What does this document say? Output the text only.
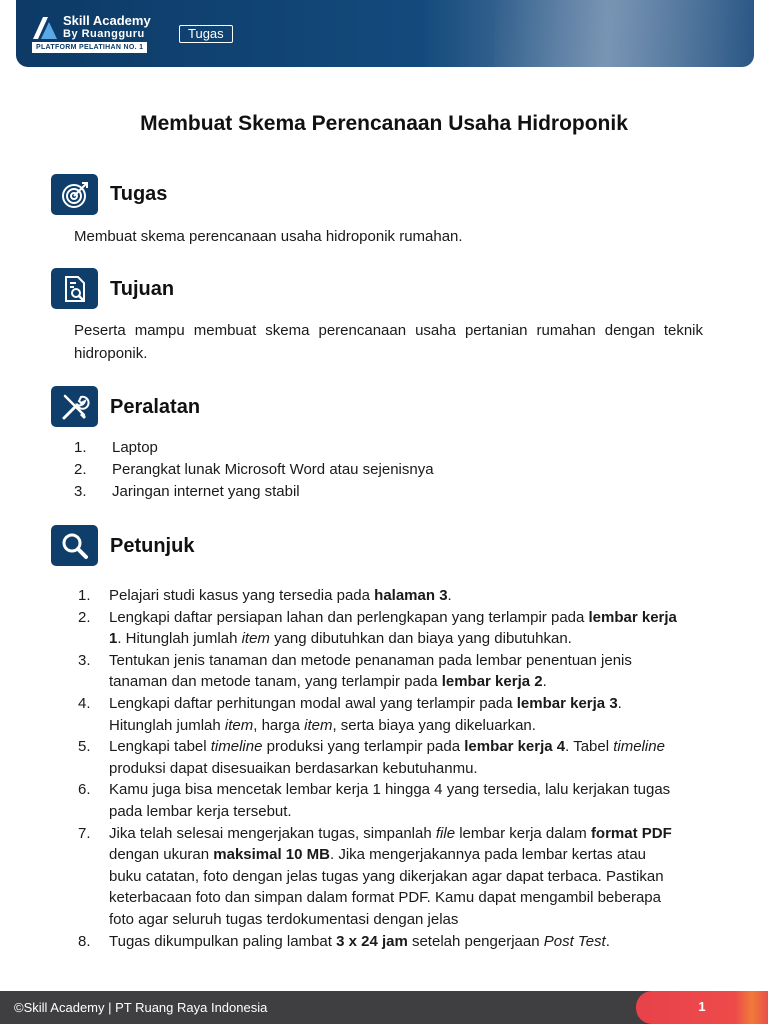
Skill Academy
By Ruangguru
PLATFORM PELATIHAN NO. 1
Tugas
Membuat Skema Perencanaan Usaha Hidroponik
Tugas
Membuat skema perencanaan usaha hidroponik rumahan.
Tujuan
Peserta mampu membuat skema perencanaan usaha pertanian rumahan dengan teknik hidroponik.
Peralatan
1. Laptop
2. Perangkat lunak Microsoft Word atau sejenisnya
3. Jaringan internet yang stabil
Petunjuk
1. Pelajari studi kasus yang tersedia pada halaman 3.
2. Lengkapi daftar persiapan lahan dan perlengkapan yang terlampir pada lembar kerja 1. Hitunglah jumlah item yang dibutuhkan dan biaya yang dibutuhkan.
3. Tentukan jenis tanaman dan metode penanaman pada lembar penentuan jenis tanaman dan metode tanam, yang terlampir pada lembar kerja 2.
4. Lengkapi daftar perhitungan modal awal yang terlampir pada lembar kerja 3. Hitunglah jumlah item, harga item, serta biaya yang dikeluarkan.
5. Lengkapi tabel timeline produksi yang terlampir pada lembar kerja 4. Tabel timeline produksi dapat disesuaikan berdasarkan kebutuhanmu.
6. Kamu juga bisa mencetak lembar kerja 1 hingga 4 yang tersedia, lalu kerjakan tugas pada lembar kerja tersebut.
7. Jika telah selesai mengerjakan tugas, simpanlah file lembar kerja dalam format PDF dengan ukuran maksimal 10 MB. Jika mengerjakannya pada lembar kertas atau buku catatan, foto dengan jelas tugas yang dikerjakan agar dapat terbaca. Pastikan keterbacaan foto dan simpan dalam format PDF. Kamu dapat mengambil beberapa foto agar seluruh tugas terdokumentasi dengan jelas
8. Tugas dikumpulkan paling lambat 3 x 24 jam setelah pengerjaan Post Test.
©Skill Academy | PT Ruang Raya Indonesia	1
